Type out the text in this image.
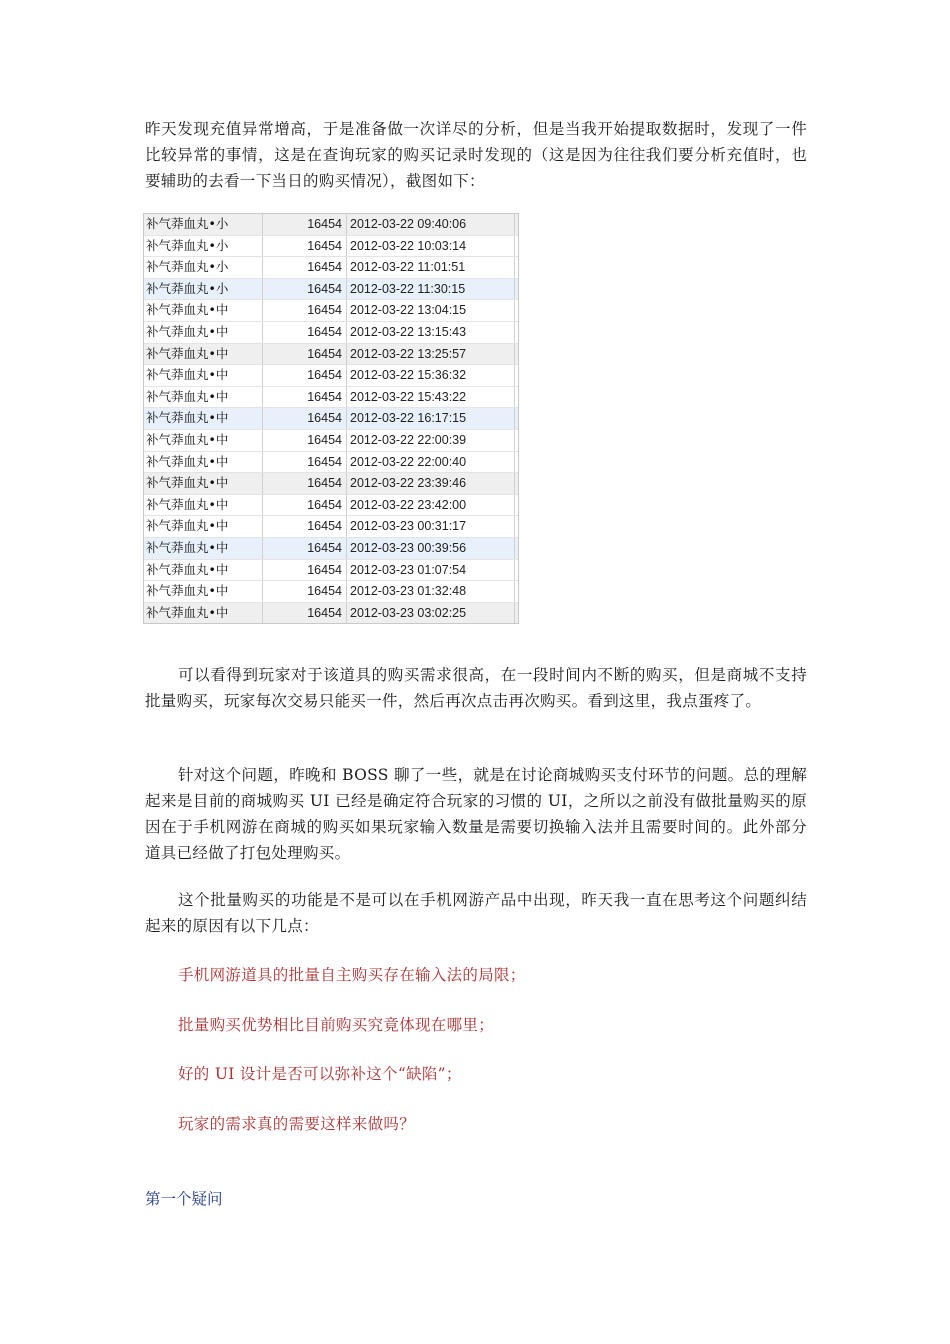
昨天发现充值异常增高，于是准备做一次详尽的分析，但是当我开始提取数据时，发现了一件比较异常的事情，这是在查询玩家的购买记录时发现的（这是因为往往我们要分析充值时，也要辅助的去看一下当日的购买情况），截图如下：

补气莽血丸•小	16454 2012-03-22 09:40:06
补气莽血丸•小	16454 2012-03-22 10:03:14
补气莽血丸•小	16454 2012-03-22 11:01:51
补气莽血丸•小	16454 2012-03-22 11:30:15
补气莽血丸•中	16454 2012-03-22 13:04:15
补气莽血丸•中	16454 2012-03-22 13:15:43
补气莽血丸•中	16454 2012-03-22 13:25:57
补气莽血丸•中	16454 2012-03-22 15:36:32
补气莽血丸•中	16454 2012-03-22 15:43:22
补气莽血丸•中	16454 2012-03-22 16:17:15
补气莽血丸•中	16454 2012-03-22 22:00:39
补气莽血丸•中	16454 2012-03-22 22:00:40
补气莽血丸•中	16454 2012-03-22 23:39:46
补气莽血丸•中	16454 2012-03-22 23:42:00
补气莽血丸•中	16454 2012-03-23 00:31:17
补气莽血丸•中	16454 2012-03-23 00:39:56
补气莽血丸•中	16454 2012-03-23 01:07:54
补气莽血丸•中	16454 2012-03-23 01:32:48
补气莽血丸•中	16454 2012-03-23 03:02:25

可以看得到玩家对于该道具的购买需求很高，在一段时间内不断的购买，但是商城不支持批量购买，玩家每次交易只能买一件，然后再次点击再次购买。看到这里，我点蛋疼了。

针对这个问题，昨晚和 BOSS 聊了一些，就是在讨论商城购买支付环节的问题。总的理解起来是目前的商城购买 UI 已经是确定符合玩家的习惯的 UI，之所以之前没有做批量购买的原因在于手机网游在商城的购买如果玩家输入数量是需要切换输入法并且需要时间的。此外部分道具已经做了打包处理购买。

这个批量购买的功能是不是可以在手机网游产品中出现，昨天我一直在思考这个问题纠结起来的原因有以下几点：

手机网游道具的批量自主购买存在输入法的局限；

批量购买优势相比目前购买究竟体现在哪里；

好的 UI 设计是否可以弥补这个“缺陷”；

玩家的需求真的需要这样来做吗？

第一个疑问
